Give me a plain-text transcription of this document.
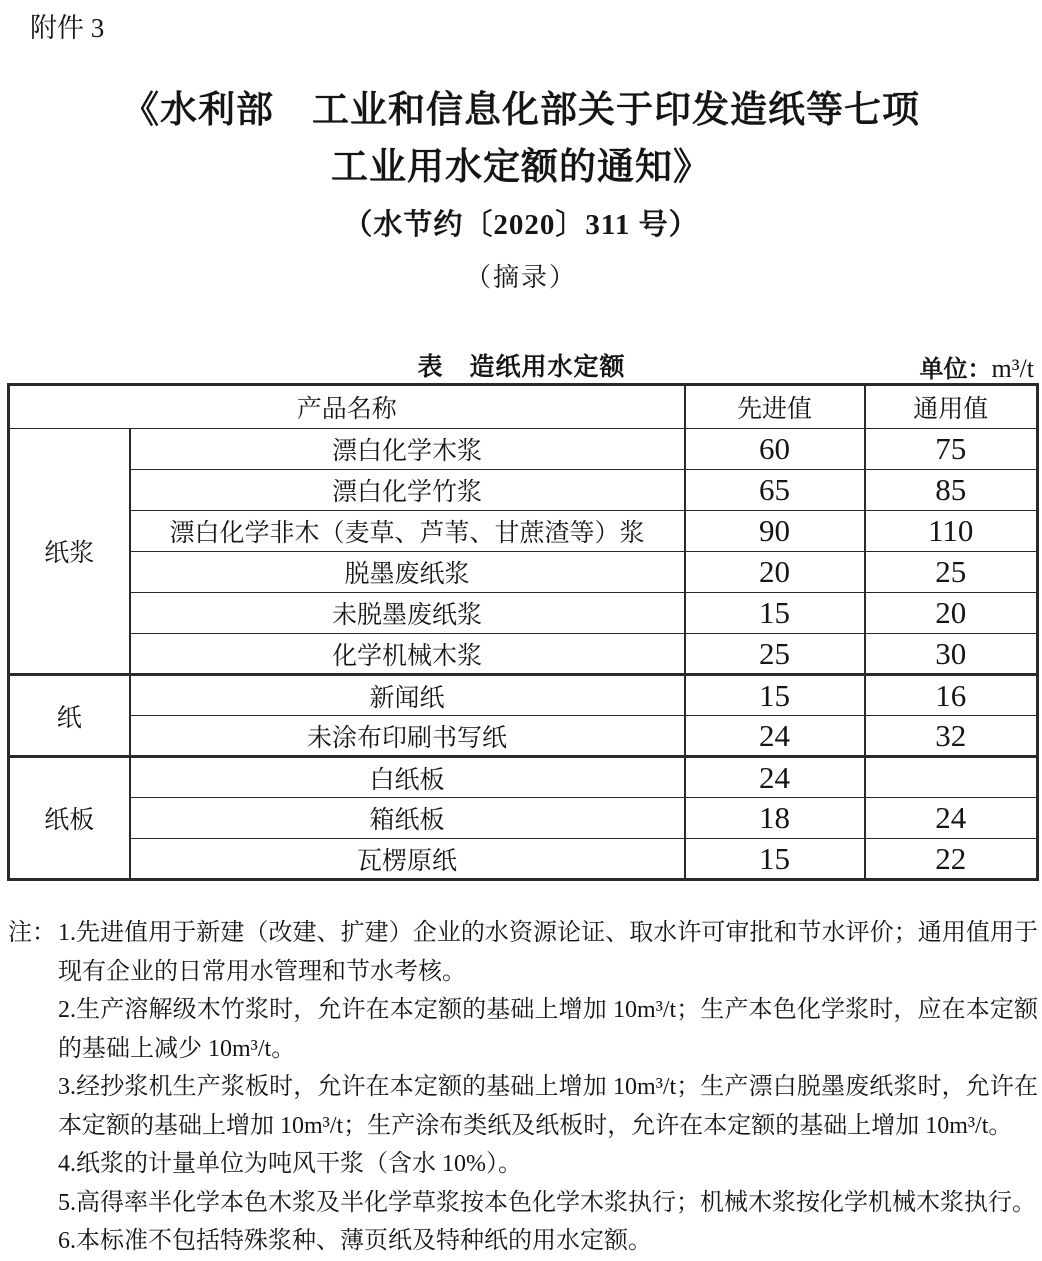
附件 3
《水利部　工业和信息化部关于印发造纸等七项
工业用水定额的通知》
（水节约〔2020〕311 号）
（摘录）
表　造纸用水定额	单位：m³/t
产品名称		先进值	通用值
纸浆	漂白化学木浆	60	75
	漂白化学竹浆	65	85
	漂白化学非木（麦草、芦苇、甘蔗渣等）浆	90	110
	脱墨废纸浆	20	25
	未脱墨废纸浆	15	20
	化学机械木浆	25	30
纸	新闻纸	15	16
	未涂布印刷书写纸	24	32
纸板	白纸板	24	
	箱纸板	18	24
	瓦楞原纸	15	22
注： 1.先进值用于新建（改建、扩建）企业的水资源论证、取水许可审批和节水评价；通用值用于现有企业的日常用水管理和节水考核。

2.生产溶解级木竹浆时，允许在本定额的基础上增加 10m³/t；生产本色化学浆时，应在本定额的基础上减少 10m³/t。

3.经抄浆机生产浆板时，允许在本定额的基础上增加 10m³/t；生产漂白脱墨废纸浆时，允许在本定额的基础上增加 10m³/t；生产涂布类纸及纸板时，允许在本定额的基础上增加 10m³/t。

4.纸浆的计量单位为吨风干浆（含水 10%）。

5.高得率半化学本色木浆及半化学草浆按本色化学木浆执行；机械木浆按化学机械木浆执行。

6.本标准不包括特殊浆种、薄页纸及特种纸的用水定额。
